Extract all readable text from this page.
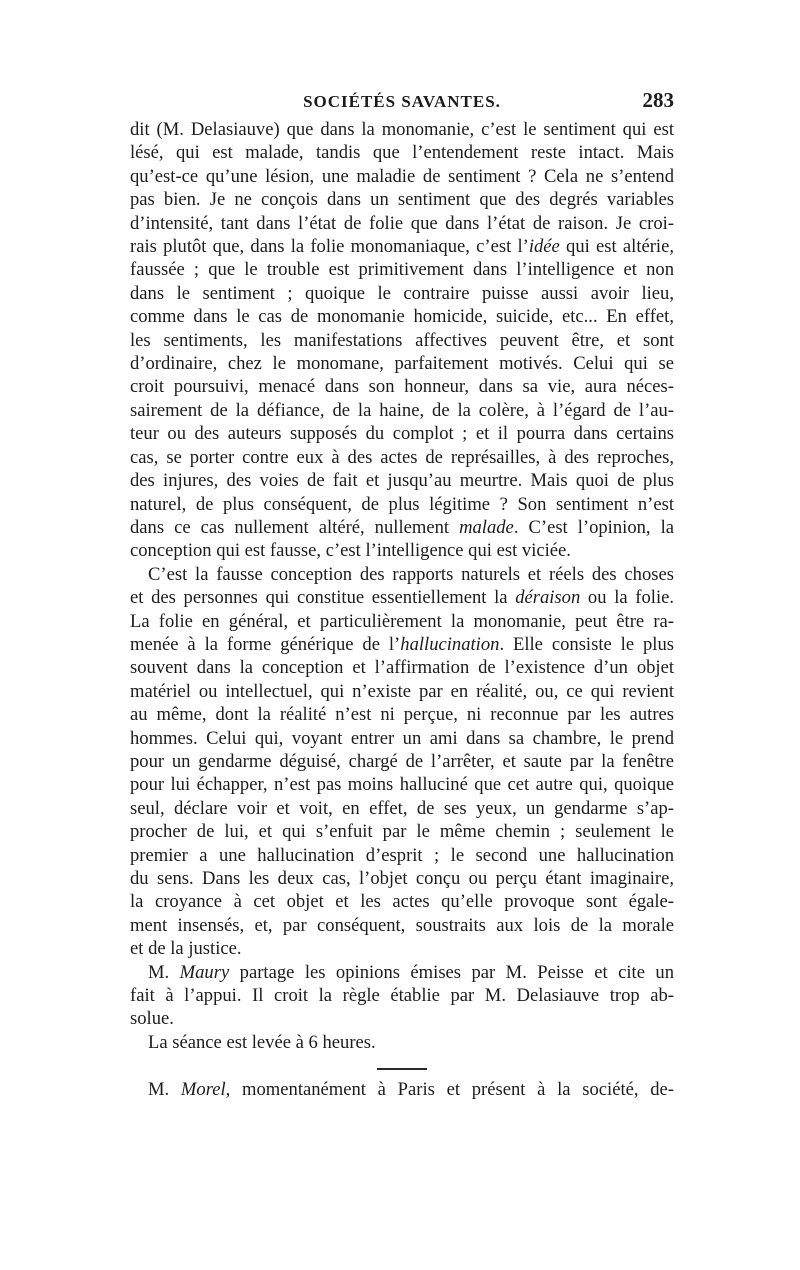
SOCIÉTÉS SAVANTES.	283

dit (M. Delasiauve) que dans la monomanie, c’est le sentiment qui est
lésé, qui est malade, tandis que l’entendement reste intact. Mais
qu’est-ce qu’une lésion, une maladie de sentiment ? Cela ne s’entend
pas bien. Je ne conçois dans un sentiment que des degrés variables
d’intensité, tant dans l’état de folie que dans l’état de raison. Je croi-
rais plutôt que, dans la folie monomaniaque, c’est l’idée qui est altérie,
faussée ; que le trouble est primitivement dans l’intelligence et non
dans le sentiment ; quoique le contraire puisse aussi avoir lieu,
comme dans le cas de monomanie homicide, suicide, etc... En effet,
les sentiments, les manifestations affectives peuvent être, et sont
d’ordinaire, chez le monomane, parfaitement motivés. Celui qui se
croit poursuivi, menacé dans son honneur, dans sa vie, aura néces-
sairement de la défiance, de la haine, de la colère, à l’égard de l’au-
teur ou des auteurs supposés du complot ; et il pourra dans certains
cas, se porter contre eux à des actes de représailles, à des reproches,
des injures, des voies de fait et jusqu’au meurtre. Mais quoi de plus
naturel, de plus conséquent, de plus légitime ? Son sentiment n’est
dans ce cas nullement altéré, nullement malade. C’est l’opinion, la
conception qui est fausse, c’est l’intelligence qui est viciée.

C’est la fausse conception des rapports naturels et réels des choses
et des personnes qui constitue essentiellement la déraison ou la folie.
La folie en général, et particulièrement la monomanie, peut être ra-
menée à la forme générique de l’hallucination. Elle consiste le plus
souvent dans la conception et l’affirmation de l’existence d’un objet
matériel ou intellectuel, qui n’existe par en réalité, ou, ce qui revient
au même, dont la réalité n’est ni perçue, ni reconnue par les autres
hommes. Celui qui, voyant entrer un ami dans sa chambre, le prend
pour un gendarme déguisé, chargé de l’arrêter, et saute par la fenêtre
pour lui échapper, n’est pas moins halluciné que cet autre qui, quoique
seul, déclare voir et voit, en effet, de ses yeux, un gendarme s’ap-
procher de lui, et qui s’enfuit par le même chemin ; seulement le
premier a une hallucination d’esprit ; le second une hallucination
du sens. Dans les deux cas, l’objet conçu ou perçu étant imaginaire,
la croyance à cet objet et les actes qu’elle provoque sont égale-
ment insensés, et, par conséquent, soustraits aux lois de la morale
et de la justice.

M. Maury partage les opinions émises par M. Peisse et cite un
fait à l’appui. Il croit la règle établie par M. Delasiauve trop ab-
solue.

La séance est levée à 6 heures.

M. Morel, momentanément à Paris et présent à la société, de-
